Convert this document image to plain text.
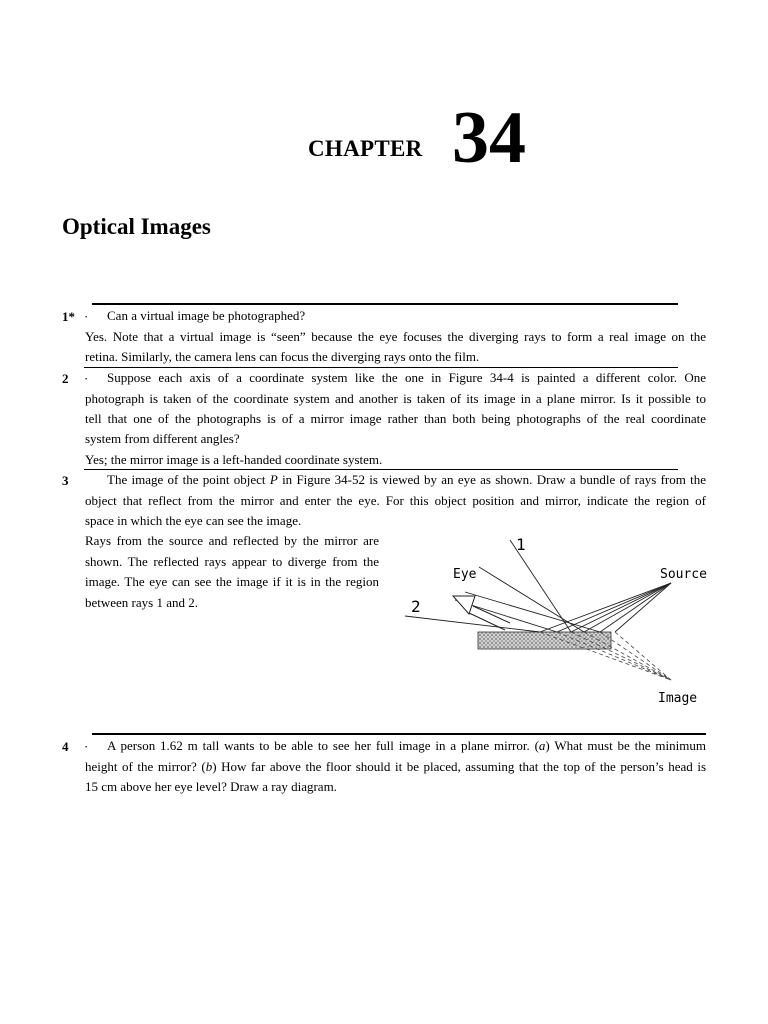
CHAPTER 34
Optical Images
1* · Can a virtual image be photographed?
Yes. Note that a virtual image is “seen” because the eye focuses the diverging rays to form a real image on the
retina. Similarly, the camera lens can focus the diverging rays onto the film.
2 · Suppose each axis of a coordinate system like the one in Figure 34-4 is painted a different color. One
photograph is taken of the coordinate system and another is taken of its image in a plane mirror. Is it possible to
tell that one of the photographs is of a mirror image rather than both being photographs of the real coordinate
system from different angles?
Yes; the mirror image is a left-handed coordinate system.
3	The image of the point object P in Figure 34-52 is viewed by an eye as shown. Draw a bundle of rays from the
object that reflect from the mirror and enter the eye. For this object position and mirror, indicate the region of
space in which the eye can see the image.
Rays from the source and reflected by the mirror are
shown. The reflected rays appear to diverge from the
image. The eye can see the image if it is in the region
between rays 1 and 2.
1
2
Eye	Source
Image
4 · A person 1.62 m tall wants to be able to see her full image in a plane mirror. (a) What must be the minimum
height of the mirror? (b) How far above the floor should it be placed, assuming that the top of the person’s head is
15 cm above her eye level? Draw a ray diagram.
